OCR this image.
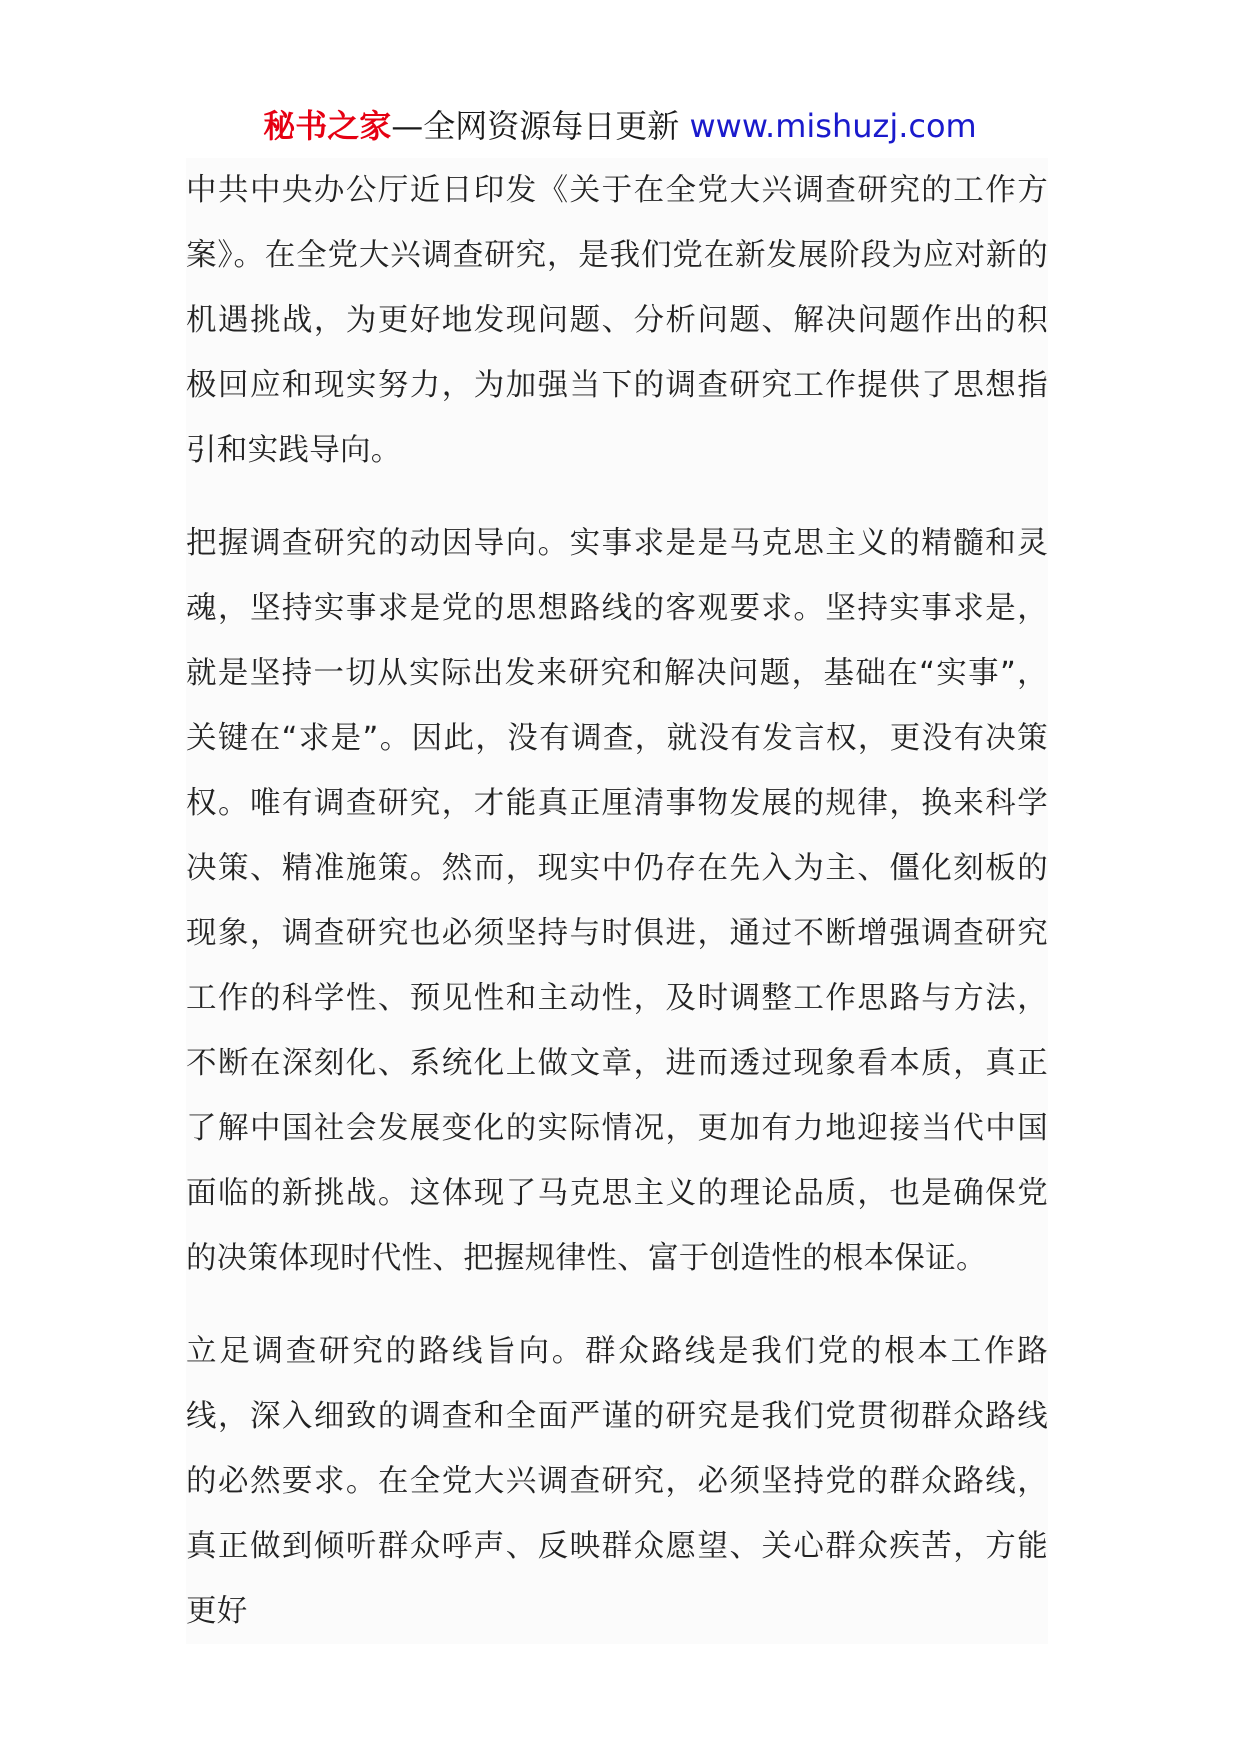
秘书之家—全网资源每日更新 www.mishuzj.com

中共中央办公厅近日印发《关于在全党大兴调查研究的工作方案》。在全党大兴调查研究，是我们党在新发展阶段为应对新的机遇挑战，为更好地发现问题、分析问题、解决问题作出的积极回应和现实努力，为加强当下的调查研究工作提供了思想指引和实践导向。

把握调查研究的动因导向。实事求是是马克思主义的精髓和灵魂，坚持实事求是党的思想路线的客观要求。坚持实事求是，就是坚持一切从实际出发来研究和解决问题，基础在“实事”，关键在“求是”。因此，没有调查，就没有发言权，更没有决策权。唯有调查研究，才能真正厘清事物发展的规律，换来科学决策、精准施策。然而，现实中仍存在先入为主、僵化刻板的现象，调查研究也必须坚持与时俱进，通过不断增强调查研究工作的科学性、预见性和主动性，及时调整工作思路与方法，不断在深刻化、系统化上做文章，进而透过现象看本质，真正了解中国社会发展变化的实际情况，更加有力地迎接当代中国面临的新挑战。这体现了马克思主义的理论品质，也是确保党的决策体现时代性、把握规律性、富于创造性的根本保证。

立足调查研究的路线旨向。群众路线是我们党的根本工作路线，深入细致的调查和全面严谨的研究是我们党贯彻群众路线的必然要求。在全党大兴调查研究，必须坚持党的群众路线，真正做到倾听群众呼声、反映群众愿望、关心群众疾苦，方能更好
